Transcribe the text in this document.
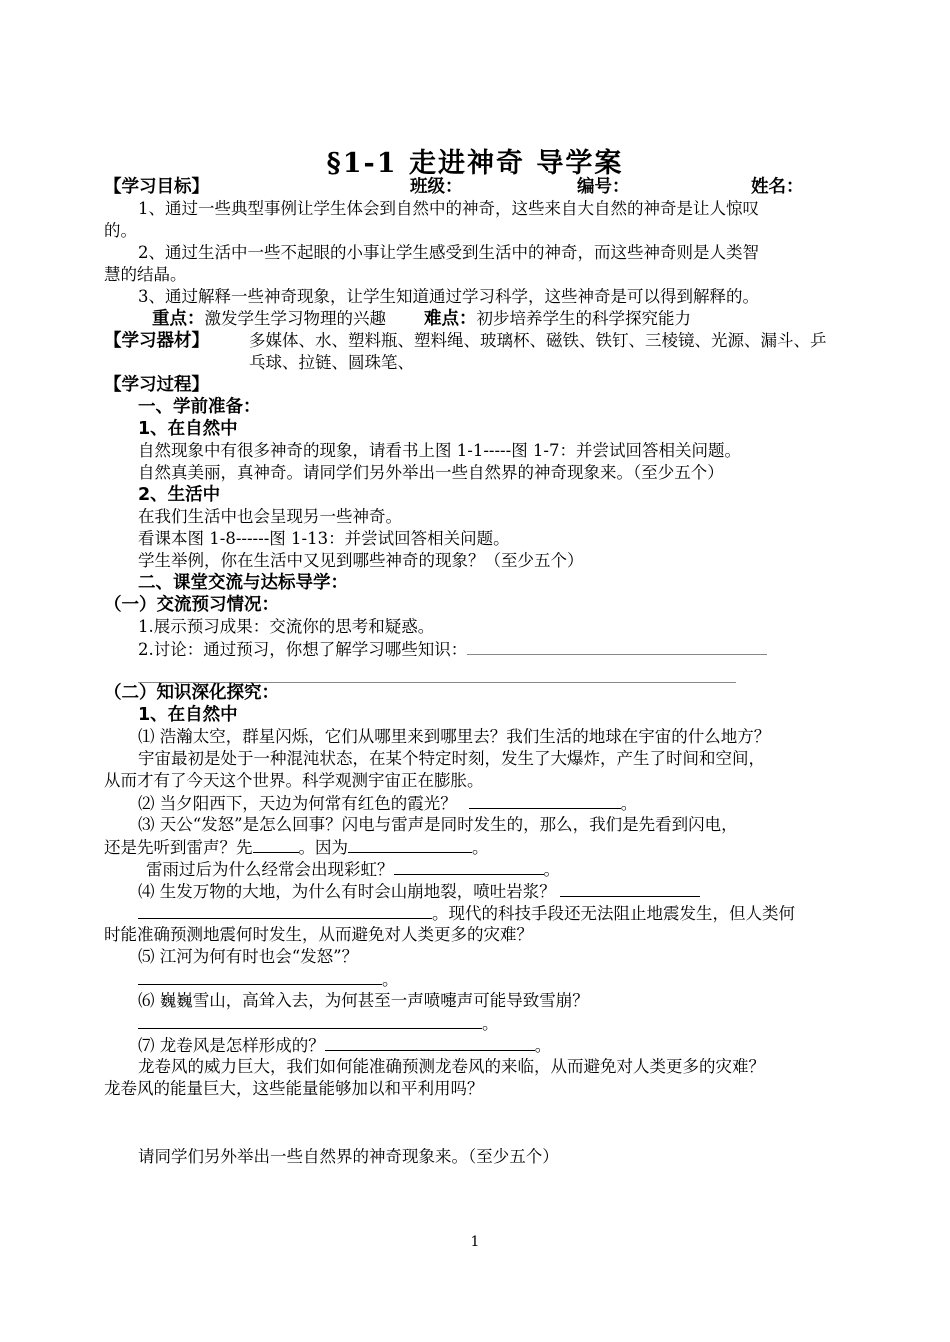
§1-1 走进神奇 导学案
【学习目标】	班级：	编号：	姓名：
1、通过一些典型事例让学生体会到自然中的神奇，这些来自大自然的神奇是让人惊叹
的。
2、通过生活中一些不起眼的小事让学生感受到生活中的神奇，而这些神奇则是人类智
慧的结晶。
3、通过解释一些神奇现象，让学生知道通过学习科学，这些神奇是可以得到解释的。
重点：激发学生学习物理的兴趣 难点：初步培养学生的科学探究能力
【学习器材】 多媒体、水、塑料瓶、塑料绳、玻璃杯、磁铁、铁钉、三棱镜、光源、漏斗、乒
乓球、拉链、圆珠笔、
【学习过程】
一、学前准备：
1、在自然中
自然现象中有很多神奇的现象，请看书上图 1-1-----图 1-7：并尝试回答相关问题。
自然真美丽，真神奇。请同学们另外举出一些自然界的神奇现象来。（至少五个）
2、生活中
在我们生活中也会呈现另一些神奇。
看课本图 1-8------图 1-13：并尝试回答相关问题。
学生举例，你在生活中又见到哪些神奇的现象？（至少五个）
二、课堂交流与达标导学：
（一）交流预习情况：
1.展示预习成果：交流你的思考和疑惑。
2.讨论：通过预习，你想了解学习哪些知识：
（二）知识深化探究：
1、在自然中
⑴ 浩瀚太空，群星闪烁，它们从哪里来到哪里去？我们生活的地球在宇宙的什么地方？
宇宙最初是处于一种混沌状态，在某个特定时刻，发生了大爆炸，产生了时间和空间，
从而才有了今天这个世界。科学观测宇宙正在膨胀。
⑵ 当夕阳西下，天边为何常有红色的霞光？	。
⑶ 天公“发怒”是怎么回事？闪电与雷声是同时发生的，那么，我们是先看到闪电，
还是先听到雷声？先	。因为	。
雷雨过后为什么经常会出现彩虹？	。
⑷ 生发万物的大地，为什么有时会山崩地裂，喷吐岩浆？
。现代的科技手段还无法阻止地震发生，但人类何
时能准确预测地震何时发生，从而避免对人类更多的灾难？
⑸ 江河为何有时也会“发怒”？
。
⑹ 巍巍雪山，高耸入去，为何甚至一声喷嚏声可能导致雪崩？
。
⑺ 龙卷风是怎样形成的？	。
龙卷风的威力巨大，我们如何能准确预测龙卷风的来临，从而避免对人类更多的灾难？
龙卷风的能量巨大，这些能量能够加以和平利用吗？
请同学们另外举出一些自然界的神奇现象来。（至少五个）
1
